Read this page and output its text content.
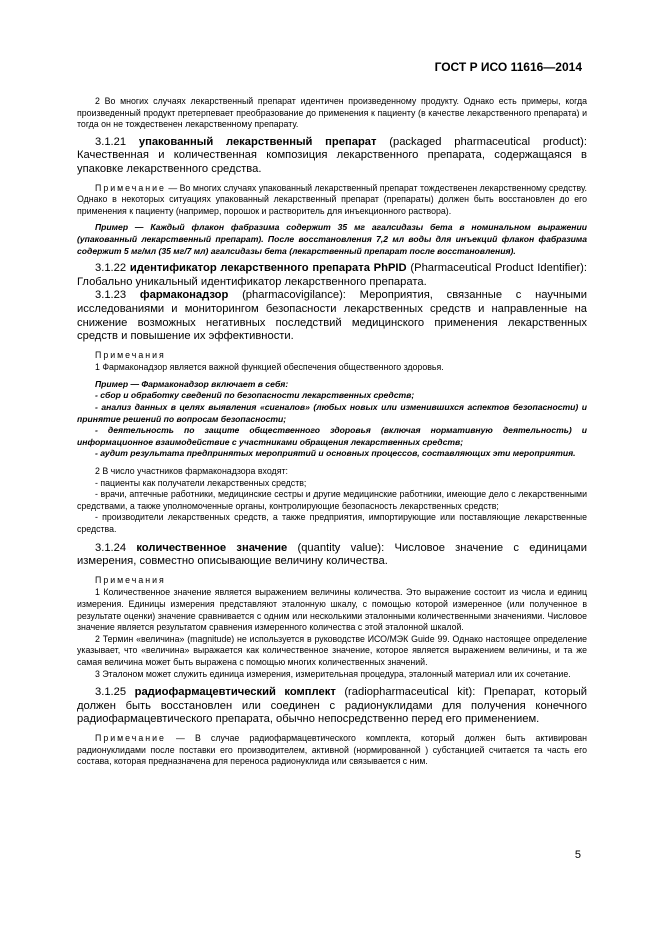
ГОСТ Р ИСО 11616—2014

2 Во многих случаях лекарственный препарат идентичен произведенному продукту. Однако есть примеры, когда произведенный продукт претерпевает преобразование до применения к пациенту (в качестве лекарственного препарата) и тогда он не тождественен лекарственному препарату.

3.1.21 упакованный лекарственный препарат (packaged pharmaceutical product): Качественная и количественная композиция лекарственного препарата, содержащаяся в упаковке лекарственного средства.

Примечание — Во многих случаях упакованный лекарственный препарат тождественен лекарственному средству. Однако в некоторых ситуациях упакованный лекарственный препарат (препараты) должен быть восстановлен до его применения к пациенту (например, порошок и растворитель для инъекционного раствора).

Пример — Каждый флакон фабразима содержит 35 мг агалсидазы бета в номинальном выражении (упакованный лекарственный препарат). После восстановления 7,2 мл воды для инъекций флакон фабразима содержит 5 мг/мл (35 мг/7 мл) агалсидазы бета (лекарственный препарат после восстановления).

3.1.22 идентификатор лекарственного препарата PhPID (Pharmaceutical Product Identifier): Глобально уникальный идентификатор лекарственного препарата.

3.1.23 фармаконадзор (pharmacovigilance): Мероприятия, связанные с научными исследованиями и мониторингом безопасности лекарственных средств и направленные на снижение возможных негативных последствий медицинского применения лекарственных средств и повышение их эффективности.

Примечания

1 Фармаконадзор является важной функцией обеспечения общественного здоровья.

Пример — Фармаконадзор включает в себя:

- сбор и обработку сведений по безопасности лекарственных средств;

- анализ данных в целях выявления «сигналов» (любых новых или изменившихся аспектов безопасности) и принятие решений по вопросам безопасности;

- деятельность по защите общественного здоровья (включая нормативную деятельность) и информационное взаимодействие с участниками обращения лекарственных средств;

- аудит результата предпринятых мероприятий и основных процессов, составляющих эти мероприятия.

2 В число участников фармаконадзора входят:

- пациенты как получатели лекарственных средств;

- врачи, аптечные работники, медицинские сестры и другие медицинские работники, имеющие дело с лекарственными средствами, а также уполномоченные органы, контролирующие безопасность лекарственных средств;

- производители лекарственных средств, а также предприятия, импортирующие или поставляющие лекарственные средства.

3.1.24 количественное значение (quantity value): Числовое значение с единицами измерения, совместно описывающие величину количества.

Примечания

1 Количественное значение является выражением величины количества. Это выражение состоит из числа и единиц измерения. Единицы измерения представляют эталонную шкалу, с помощью которой измеренное (или полученное в результате оценки) значение сравнивается с одним или несколькими эталонными количественными значениями. Числовое значение является результатом сравнения измеренного количества с этой эталонной шкалой.

2 Термин «величина» (magnitude) не используется в руководстве ИСО/МЭК Guide 99. Однако настоящее определение указывает, что «величина» выражается как количественное значение, которое является выражением величины, и та же самая величина может быть выражена с помощью многих количественных значений.

3 Эталоном может служить единица измерения, измерительная процедура, эталонный материал или их сочетание.

3.1.25 радиофармацевтический комплект (radiopharmaceutical kit): Препарат, который должен быть восстановлен или соединен с радионуклидами для получения конечного радиофармацевтического препарата, обычно непосредственно перед его применением.

Примечание — В случае радиофармацевтического комплекта, который должен быть активирован радионуклидами после поставки его производителем, активной (нормированной ) субстанцией считается та часть его состава, которая предназначена для переноса радионуклида или связывается с ним.

5
